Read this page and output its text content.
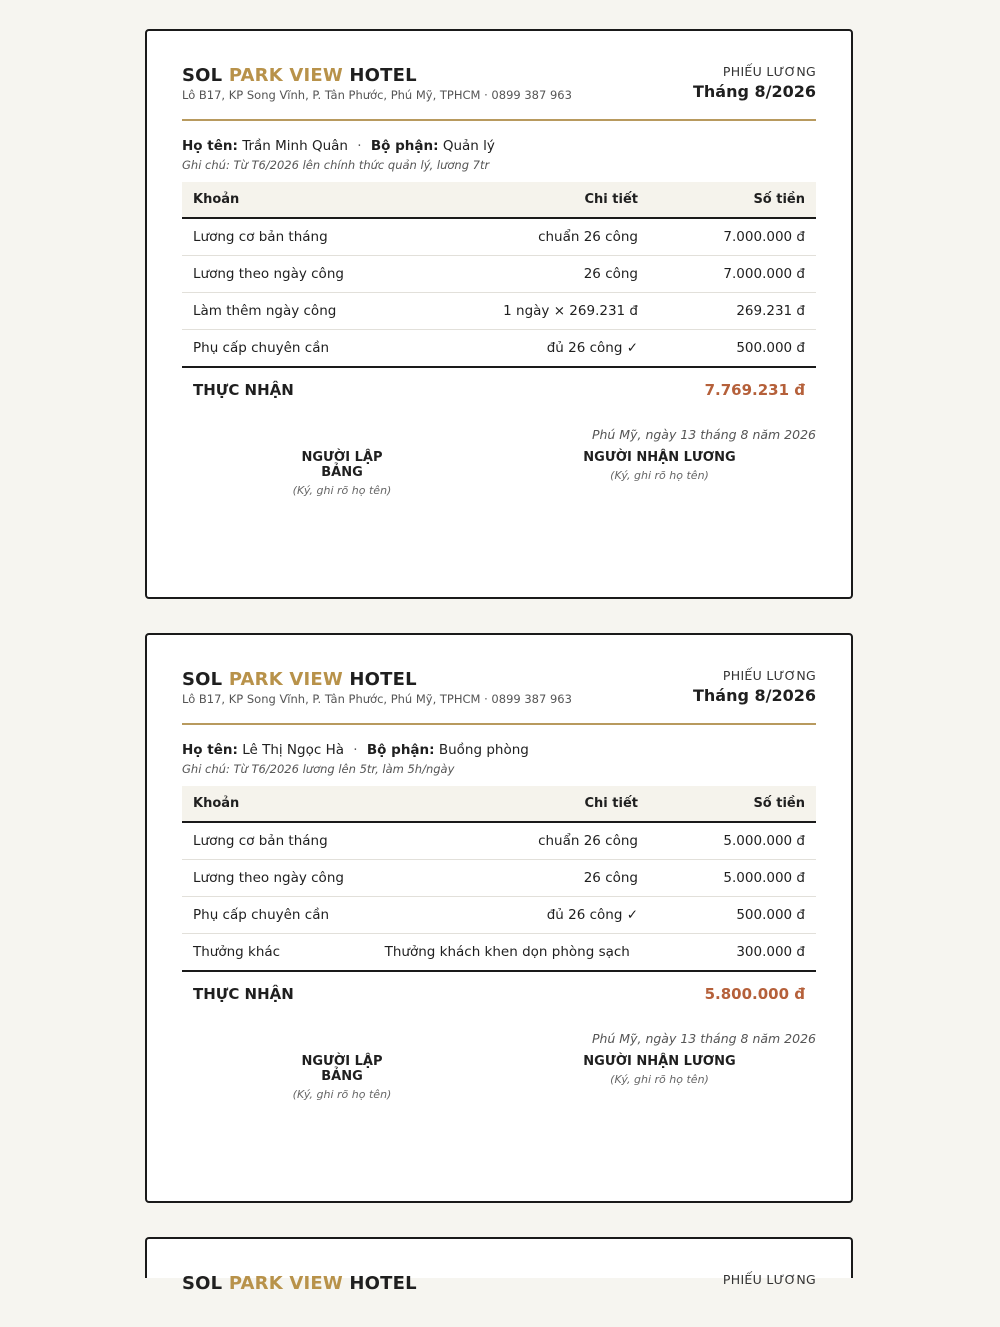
SOL PARK VIEW HOTEL
Lô B17, KP Song Vĩnh, P. Tân Phước, Phú Mỹ, TPHCM · 0899 387 963
PHIẾU LƯƠNG
Tháng 8/2026
Họ tên: Trần Minh Quân · Bộ phận: Quản lý
Ghi chú: Từ T6/2026 lên chính thức quản lý, lương 7tr
Khoản	Chi tiết	Số tiền
Lương cơ bản tháng	chuẩn 26 công	7.000.000 đ
Lương theo ngày công	26 công	7.000.000 đ
Làm thêm ngày công	1 ngày × 269.231 đ	269.231 đ
Phụ cấp chuyên cần	đủ 26 công ✓	500.000 đ
THỰC NHẬN	7.769.231 đ
Phú Mỹ, ngày 13 tháng 8 năm 2026
NGƯỜI LẬP BẢNG
(Ký, ghi rõ họ tên)
NGƯỜI NHẬN LƯƠNG
(Ký, ghi rõ họ tên)
SOL PARK VIEW HOTEL
Lô B17, KP Song Vĩnh, P. Tân Phước, Phú Mỹ, TPHCM · 0899 387 963
PHIẾU LƯƠNG
Tháng 8/2026
Họ tên: Lê Thị Ngọc Hà · Bộ phận: Buồng phòng
Ghi chú: Từ T6/2026 lương lên 5tr, làm 5h/ngày
Khoản	Chi tiết	Số tiền
Lương cơ bản tháng	chuẩn 26 công	5.000.000 đ
Lương theo ngày công	26 công	5.000.000 đ
Phụ cấp chuyên cần	đủ 26 công ✓	500.000 đ
Thưởng khác	Thưởng khách khen dọn phòng sạch	300.000 đ
THỰC NHẬN	5.800.000 đ
Phú Mỹ, ngày 13 tháng 8 năm 2026
NGƯỜI LẬP BẢNG
(Ký, ghi rõ họ tên)
NGƯỜI NHẬN LƯƠNG
(Ký, ghi rõ họ tên)
SOL PARK VIEW HOTEL	PHIẾU LƯƠNG
